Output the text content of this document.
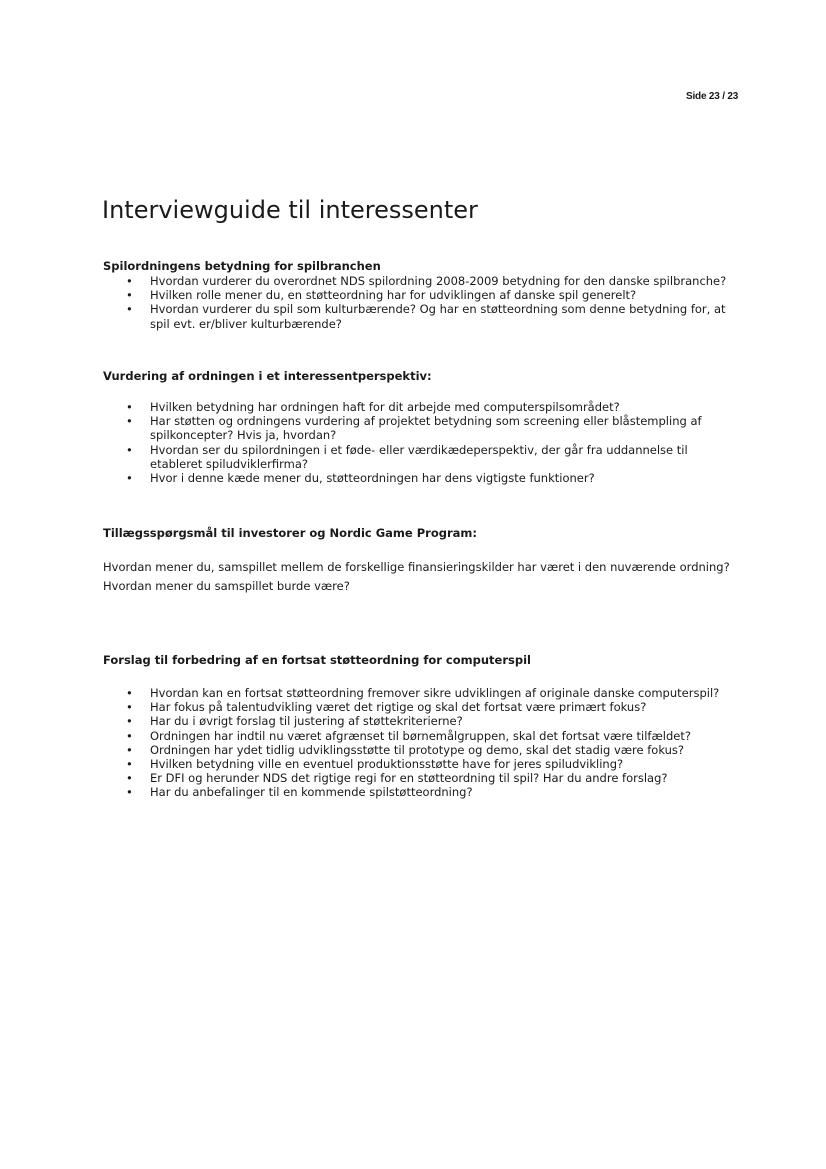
Side 23 / 23
Interviewguide til interessenter
Spilordningens betydning for spilbranchen
• Hvordan vurderer du overordnet NDS spilordning 2008-2009 betydning for den danske spilbranche?
• Hvilken rolle mener du, en støtteordning har for udviklingen af danske spil generelt?
• Hvordan vurderer du spil som kulturbærende? Og har en støtteordning som denne betydning for, at spil evt. er/bliver kulturbærende?
Vurdering af ordningen i et interessentperspektiv:
• Hvilken betydning har ordningen haft for dit arbejde med computerspilsområdet?
• Har støtten og ordningens vurdering af projektet betydning som screening eller blåstempling af spilkoncepter? Hvis ja, hvordan?
• Hvordan ser du spilordningen i et føde- eller værdikædeperspektiv, der går fra uddannelse til etableret spiludviklerfirma?
• Hvor i denne kæde mener du, støtteordningen har dens vigtigste funktioner?
Tillægsspørgsmål til investorer og Nordic Game Program:

Hvordan mener du, samspillet mellem de forskellige finansieringskilder har været i den nuværende ordning?

Hvordan mener du samspillet burde være?

Forslag til forbedring af en fortsat støtteordning for computerspil
• Hvordan kan en fortsat støtteordning fremover sikre udviklingen af originale danske computerspil?
• Har fokus på talentudvikling været det rigtige og skal det fortsat være primært fokus?
• Har du i øvrigt forslag til justering af støttekriterierne?
• Ordningen har indtil nu været afgrænset til børnemålgruppen, skal det fortsat være tilfældet?
• Ordningen har ydet tidlig udviklingsstøtte til prototype og demo, skal det stadig være fokus?
• Hvilken betydning ville en eventuel produktionsstøtte have for jeres spiludvikling?
• Er DFI og herunder NDS det rigtige regi for en støtteordning til spil? Har du andre forslag?
• Har du anbefalinger til en kommende spilstøtteordning?
